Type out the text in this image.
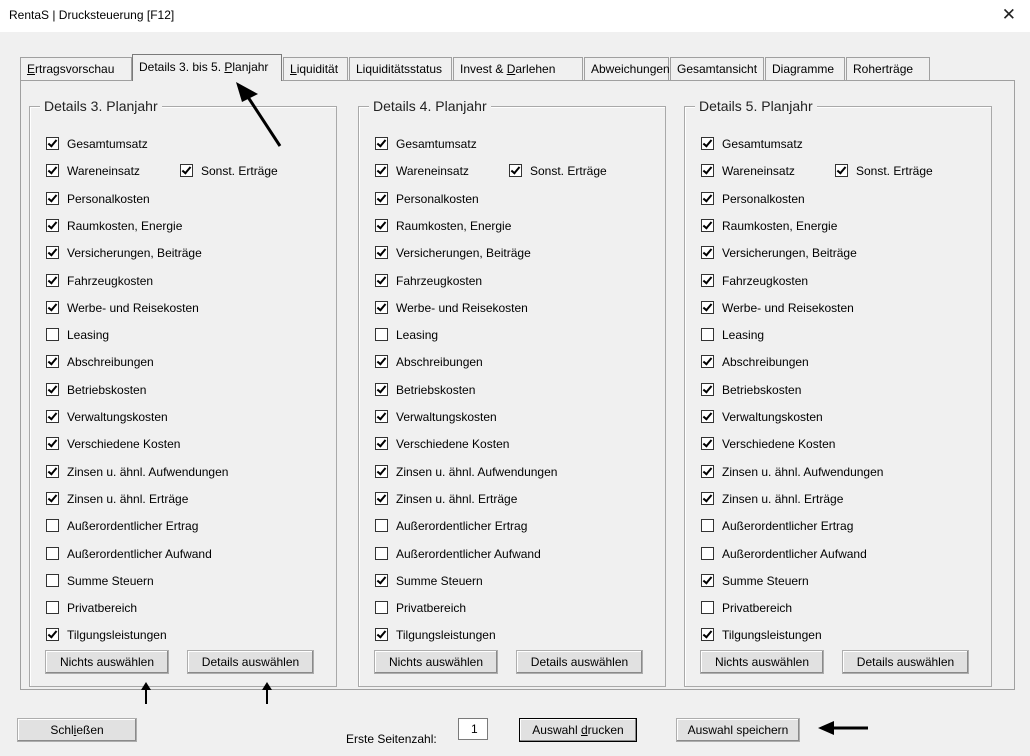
RentaS | Drucksteuerung [F12]	✕
Ertragsvorschau	Details 3. bis 5. Planjahr	Liquidität	Liquiditätsstatus	Invest & Darlehen	Abweichungen Gesamtansicht	Diagramme	Roherträge
Details 3. Planjahr
Gesamtumsatz
Wareneinsatz
Personalkosten
Raumkosten, Energie
Versicherungen, Beiträge
Fahrzeugkosten
Werbe- und Reisekosten
Leasing
Abschreibungen
Betriebskosten
Verwaltungskosten
Verschiedene Kosten
Zinsen u. ähnl. Aufwendungen
Zinsen u. ähnl. Erträge
Außerordentlicher Ertrag
Außerordentlicher Aufwand
Summe Steuern
Privatbereich
Tilgungsleistungen
Sonst. Erträge
Nichts auswählen	Details auswählen
Details 4. Planjahr
Gesamtumsatz
Wareneinsatz
Personalkosten
Raumkosten, Energie
Versicherungen, Beiträge
Fahrzeugkosten
Werbe- und Reisekosten
Leasing
Abschreibungen
Betriebskosten
Verwaltungskosten
Verschiedene Kosten
Zinsen u. ähnl. Aufwendungen
Zinsen u. ähnl. Erträge
Außerordentlicher Ertrag
Außerordentlicher Aufwand
Summe Steuern
Privatbereich
Tilgungsleistungen
Sonst. Erträge
Nichts auswählen	Details auswählen
Details 5. Planjahr
Gesamtumsatz
Wareneinsatz
Personalkosten
Raumkosten, Energie
Versicherungen, Beiträge
Fahrzeugkosten
Werbe- und Reisekosten
Leasing
Abschreibungen
Betriebskosten
Verwaltungskosten
Verschiedene Kosten
Zinsen u. ähnl. Aufwendungen
Zinsen u. ähnl. Erträge
Außerordentlicher Ertrag
Außerordentlicher Aufwand
Summe Steuern
Privatbereich
Tilgungsleistungen
Sonst. Erträge
Nichts auswählen	Details auswählen
Schließen
Erste Seitenzahl:
1	Auswahl drucken	Auswahl speichern
